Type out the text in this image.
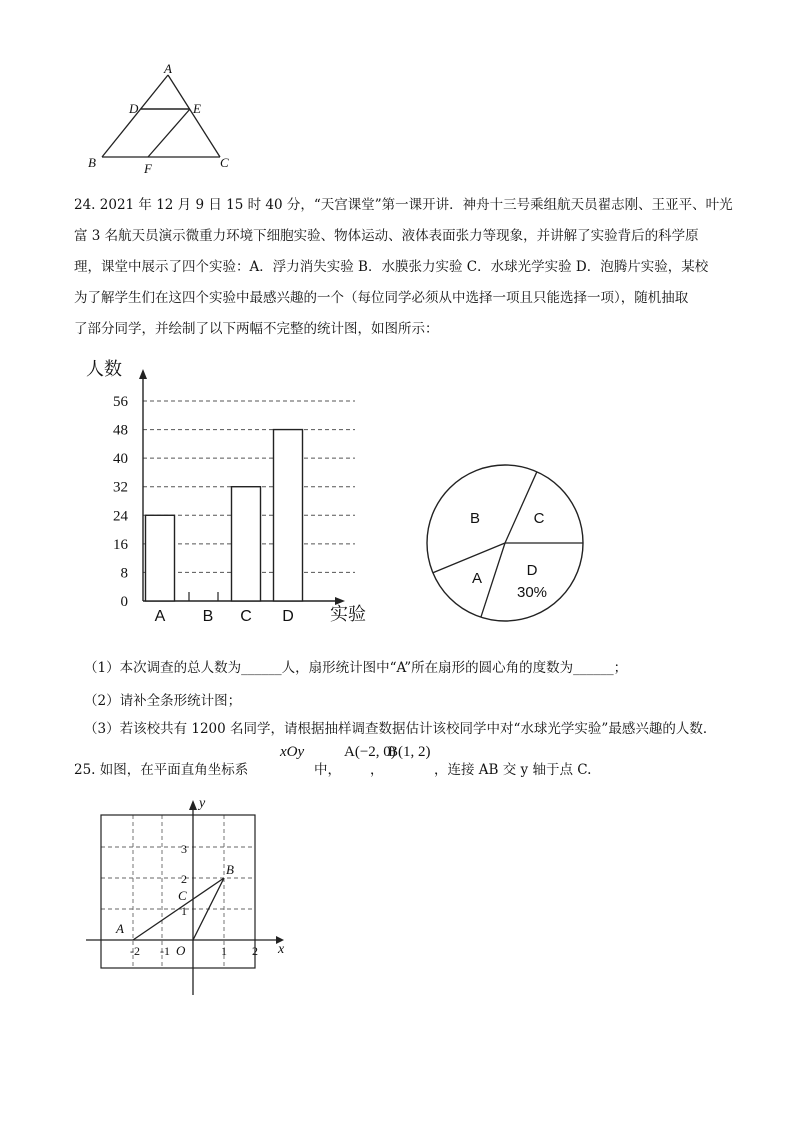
A
D	E
B	F	C
24. 2021 年 12 月 9 日 15 时 40 分，“天宫课堂”第一课开讲．神舟十三号乘组航天员翟志刚、王亚平、叶光
富 3 名航天员演示微重力环境下细胞实验、物体运动、液体表面张力等现象，并讲解了实验背后的科学原
理，课堂中展示了四个实验：A．浮力消失实验 B．水膜张力实验 C．水球光学实验 D．泡腾片实验，某校
为了解学生们在这四个实验中最感兴趣的一个（每位同学必须从中选择一项且只能选择一项），随机抽取
了部分同学，并绘制了以下两幅不完整的统计图，如图所示：
0
8
16
24
32
40
48
56
人数
实验
A B C D
B	C
A	D
30%
（1）本次调查的总人数为______人，扇形统计图中“A”所在扇形的圆心角的度数为______；
（2）请补全条形统计图；
（3）若该校共有 1200 名同学，请根据抽样调查数据估计该校同学中对“水球光学实验”最感兴趣的人数．
25. 如图，在平面直角坐标系
xOy
中，
A(−2, 0)
，
B(1, 2)
，连接 AB 交 y 轴于点 C.
y
x
-2 -1 O	1 2
1
2
3
A
B
C
